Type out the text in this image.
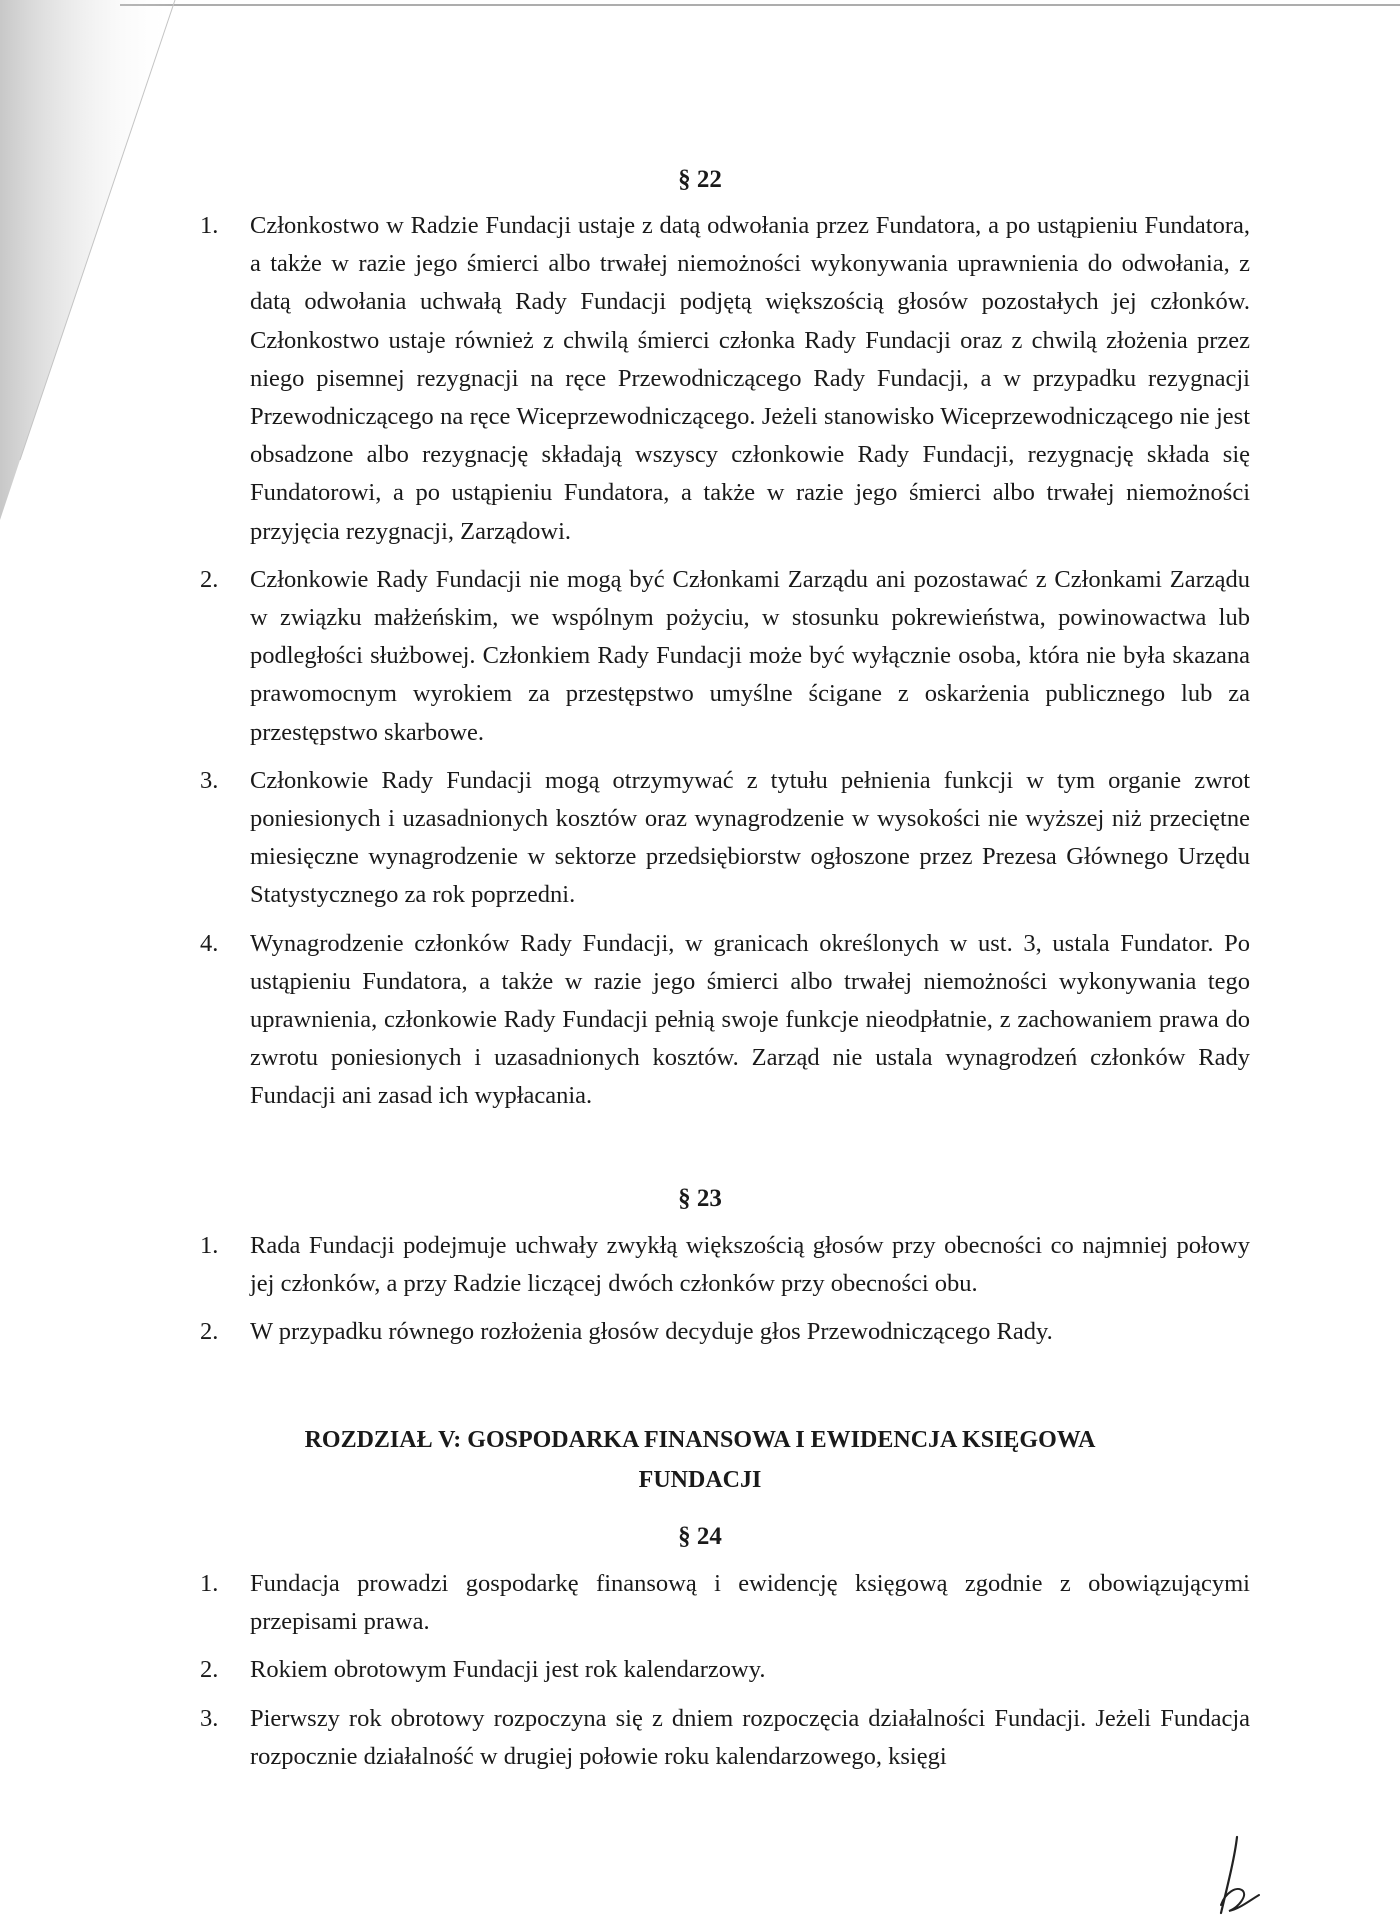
§ 22
1.	Członkostwo w Radzie Fundacji ustaje z datą odwołania przez Fundatora, a po ustąpieniu Fundatora, a także w razie jego śmierci albo trwałej niemożności wykonywania uprawnienia do odwołania, z datą odwołania uchwałą Rady Fundacji podjętą większością głosów pozostałych jej członków. Członkostwo ustaje również z chwilą śmierci członka Rady Fundacji oraz z chwilą złożenia przez niego pisemnej rezygnacji na ręce Przewodniczącego Rady Fundacji, a w przypadku rezygnacji Przewodniczącego na ręce Wiceprzewodniczącego. Jeżeli stanowisko Wiceprzewodniczącego nie jest obsadzone albo rezygnację składają wszyscy członkowie Rady Fundacji, rezygnację składa się Fundatorowi, a po ustąpieniu Fundatora, a także w razie jego śmierci albo trwałej niemożności przyjęcia rezygnacji, Zarządowi.
2.	Członkowie Rady Fundacji nie mogą być Członkami Zarządu ani pozostawać z Członkami Zarządu w związku małżeńskim, we wspólnym pożyciu, w stosunku pokrewieństwa, powinowactwa lub podległości służbowej. Członkiem Rady Fundacji może być wyłącznie osoba, która nie była skazana prawomocnym wyrokiem za przestępstwo umyślne ścigane z oskarżenia publicznego lub za przestępstwo skarbowe.
3.	Członkowie Rady Fundacji mogą otrzymywać z tytułu pełnienia funkcji w tym organie zwrot poniesionych i uzasadnionych kosztów oraz wynagrodzenie w wysokości nie wyższej niż przeciętne miesięczne wynagrodzenie w sektorze przedsiębiorstw ogłoszone przez Prezesa Głównego Urzędu Statystycznego za rok poprzedni.
4.	Wynagrodzenie członków Rady Fundacji, w granicach określonych w ust. 3, ustala Fundator. Po ustąpieniu Fundatora, a także w razie jego śmierci albo trwałej niemożności wykonywania tego uprawnienia, członkowie Rady Fundacji pełnią swoje funkcje nieodpłatnie, z zachowaniem prawa do zwrotu poniesionych i uzasadnionych kosztów. Zarząd nie ustala wynagrodzeń członków Rady Fundacji ani zasad ich wypłacania.
§ 23
1.	Rada Fundacji podejmuje uchwały zwykłą większością głosów przy obecności co najmniej połowy jej członków, a przy Radzie liczącej dwóch członków przy obecności obu.
2.	W przypadku równego rozłożenia głosów decyduje głos Przewodniczącego Rady.
ROZDZIAŁ V: GOSPODARKA FINANSOWA I EWIDENCJA KSIĘGOWA
FUNDACJI
§ 24
1.	Fundacja prowadzi gospodarkę finansową i ewidencję księgową zgodnie z obowiązującymi przepisami prawa.
2.	Rokiem obrotowym Fundacji jest rok kalendarzowy.
3.	Pierwszy rok obrotowy rozpoczyna się z dniem rozpoczęcia działalności Fundacji. Jeżeli Fundacja rozpocznie działalność w drugiej połowie roku kalendarzowego, księgi
